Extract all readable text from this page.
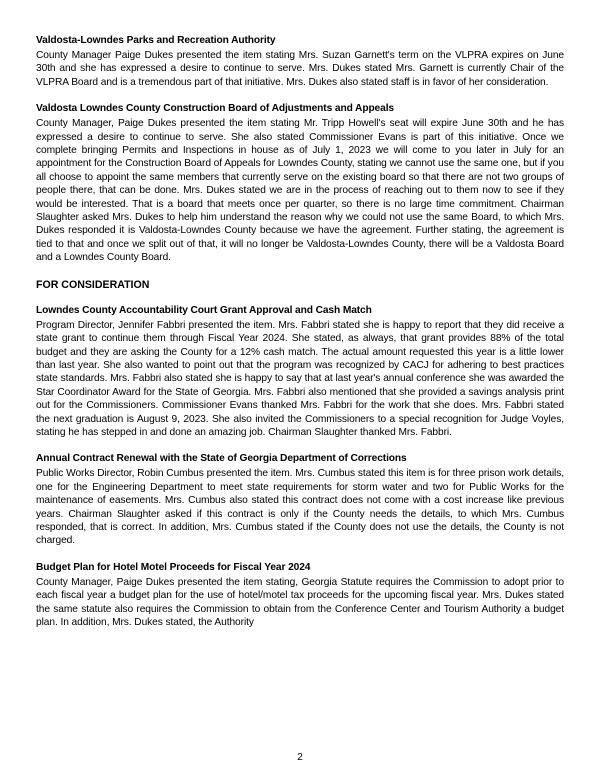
Valdosta-Lowndes Parks and Recreation Authority

County Manager Paige Dukes presented the item stating Mrs. Suzan Garnett's term on the VLPRA expires on June 30th and she has expressed a desire to continue to serve. Mrs. Dukes stated Mrs. Garnett is currently Chair of the VLPRA Board and is a tremendous part of that initiative. Mrs. Dukes also stated staff is in favor of her consideration.

Valdosta Lowndes County Construction Board of Adjustments and Appeals

County Manager, Paige Dukes presented the item stating Mr. Tripp Howell's seat will expire June 30th and he has expressed a desire to continue to serve. She also stated Commissioner Evans is part of this initiative. Once we complete bringing Permits and Inspections in house as of July 1, 2023 we will come to you later in July for an appointment for the Construction Board of Appeals for Lowndes County, stating we cannot use the same one, but if you all choose to appoint the same members that currently serve on the existing board so that there are not two groups of people there, that can be done. Mrs. Dukes stated we are in the process of reaching out to them now to see if they would be interested. That is a board that meets once per quarter, so there is no large time commitment. Chairman Slaughter asked Mrs. Dukes to help him understand the reason why we could not use the same Board, to which Mrs. Dukes responded it is Valdosta-Lowndes County because we have the agreement. Further stating, the agreement is tied to that and once we split out of that, it will no longer be Valdosta-Lowndes County, there will be a Valdosta Board and a Lowndes County Board.

FOR CONSIDERATION

Lowndes County Accountability Court Grant Approval and Cash Match

Program Director, Jennifer Fabbri presented the item. Mrs. Fabbri stated she is happy to report that they did receive a state grant to continue them through Fiscal Year 2024. She stated, as always, that grant provides 88% of the total budget and they are asking the County for a 12% cash match. The actual amount requested this year is a little lower than last year. She also wanted to point out that the program was recognized by CACJ for adhering to best practices state standards. Mrs. Fabbri also stated she is happy to say that at last year's annual conference she was awarded the Star Coordinator Award for the State of Georgia. Mrs. Fabbri also mentioned that she provided a savings analysis print out for the Commissioners. Commissioner Evans thanked Mrs. Fabbri for the work that she does. Mrs. Fabbri stated the next graduation is August 9, 2023. She also invited the Commissioners to a special recognition for Judge Voyles, stating he has stepped in and done an amazing job. Chairman Slaughter thanked Mrs. Fabbri.

Annual Contract Renewal with the State of Georgia Department of Corrections

Public Works Director, Robin Cumbus presented the item. Mrs. Cumbus stated this item is for three prison work details, one for the Engineering Department to meet state requirements for storm water and two for Public Works for the maintenance of easements. Mrs. Cumbus also stated this contract does not come with a cost increase like previous years. Chairman Slaughter asked if this contract is only if the County needs the details, to which Mrs. Cumbus responded, that is correct. In addition, Mrs. Cumbus stated if the County does not use the details, the County is not charged.

Budget Plan for Hotel Motel Proceeds for Fiscal Year 2024

County Manager, Paige Dukes presented the item stating, Georgia Statute requires the Commission to adopt prior to each fiscal year a budget plan for the use of hotel/motel tax proceeds for the upcoming fiscal year. Mrs. Dukes stated the same statute also requires the Commission to obtain from the Conference Center and Tourism Authority a budget plan. In addition, Mrs. Dukes stated, the Authority

2
